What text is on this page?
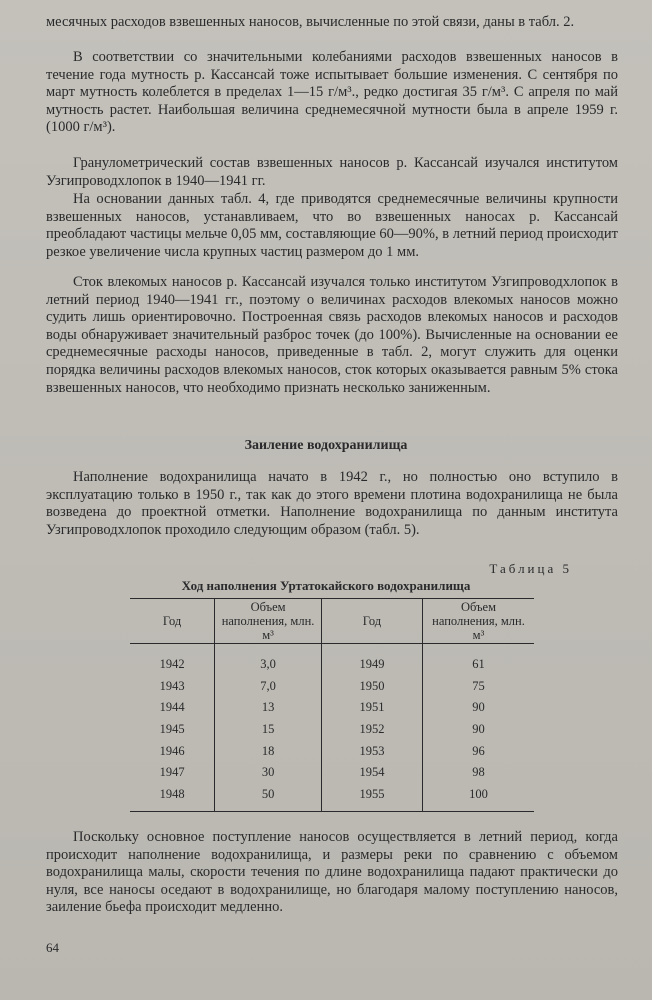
месячных расходов взвешенных наносов, вычисленные по этой связи, даны в табл. 2.

В соответствии со значительными колебаниями расходов взвешенных наносов в течение года мутность р. Кассансай тоже испытывает большие изменения. С сентября по март мутность колеблется в пределах 1—15 г/м³., редко достигая 35 г/м³. С апреля по май мутность растет. Наибольшая величина среднемесячной мутности была в апреле 1959 г. (1000 г/м³).

Гранулометрический состав взвешенных наносов р. Кассансай изучался институтом Узгипроводхлопок в 1940—1941 гг.

На основании данных табл. 4, где приводятся среднемесячные величины крупности взвешенных наносов, устанавливаем, что во взвешенных наносах р. Кассансай преобладают частицы мельче 0,05 мм, составляющие 60—90%, в летний период происходит резкое увеличение числа крупных частиц размером до 1 мм.

Сток влекомых наносов р. Кассансай изучался только институтом Узгипроводхлопок в летний период 1940—1941 гг., поэтому о величинах расходов влекомых наносов можно судить лишь ориентировочно. Построенная связь расходов влекомых наносов и расходов воды обнаруживает значительный разброс точек (до 100%). Вычисленные на основании ее среднемесячные расходы наносов, приведенные в табл. 2, могут служить для оценки порядка величины расходов влекомых наносов, сток которых оказывается равным 5% стока взвешенных наносов, что необходимо признать несколько заниженным.

Заиление водохранилища

Наполнение водохранилища начато в 1942 г., но полностью оно вступило в эксплуатацию только в 1950 г., так как до этого времени плотина водохранилища не была возведена до проектной отметки. Наполнение водохранилища по данным института Узгипроводхлопок проходило следующим образом (табл. 5).

Таблица 5
Ход наполнения Уртатокайского водохранилища
Год	Объем наполнения, млн. м³	Год	Объем наполнения, млн. м³
1942	3,0	1949	61
1943	7,0	1950	75
1944	13	1951	90
1945	15	1952	90
1946	18	1953	96
1947	30	1954	98
1948	50	1955	100

Поскольку основное поступление наносов осуществляется в летний период, когда происходит наполнение водохранилища, и размеры реки по сравнению с объемом водохранилища малы, скорости течения по длине водохранилища падают практически до нуля, все наносы оседают в водохранилище, но благодаря малому поступлению наносов, заиление бьефа происходит медленно.

64
